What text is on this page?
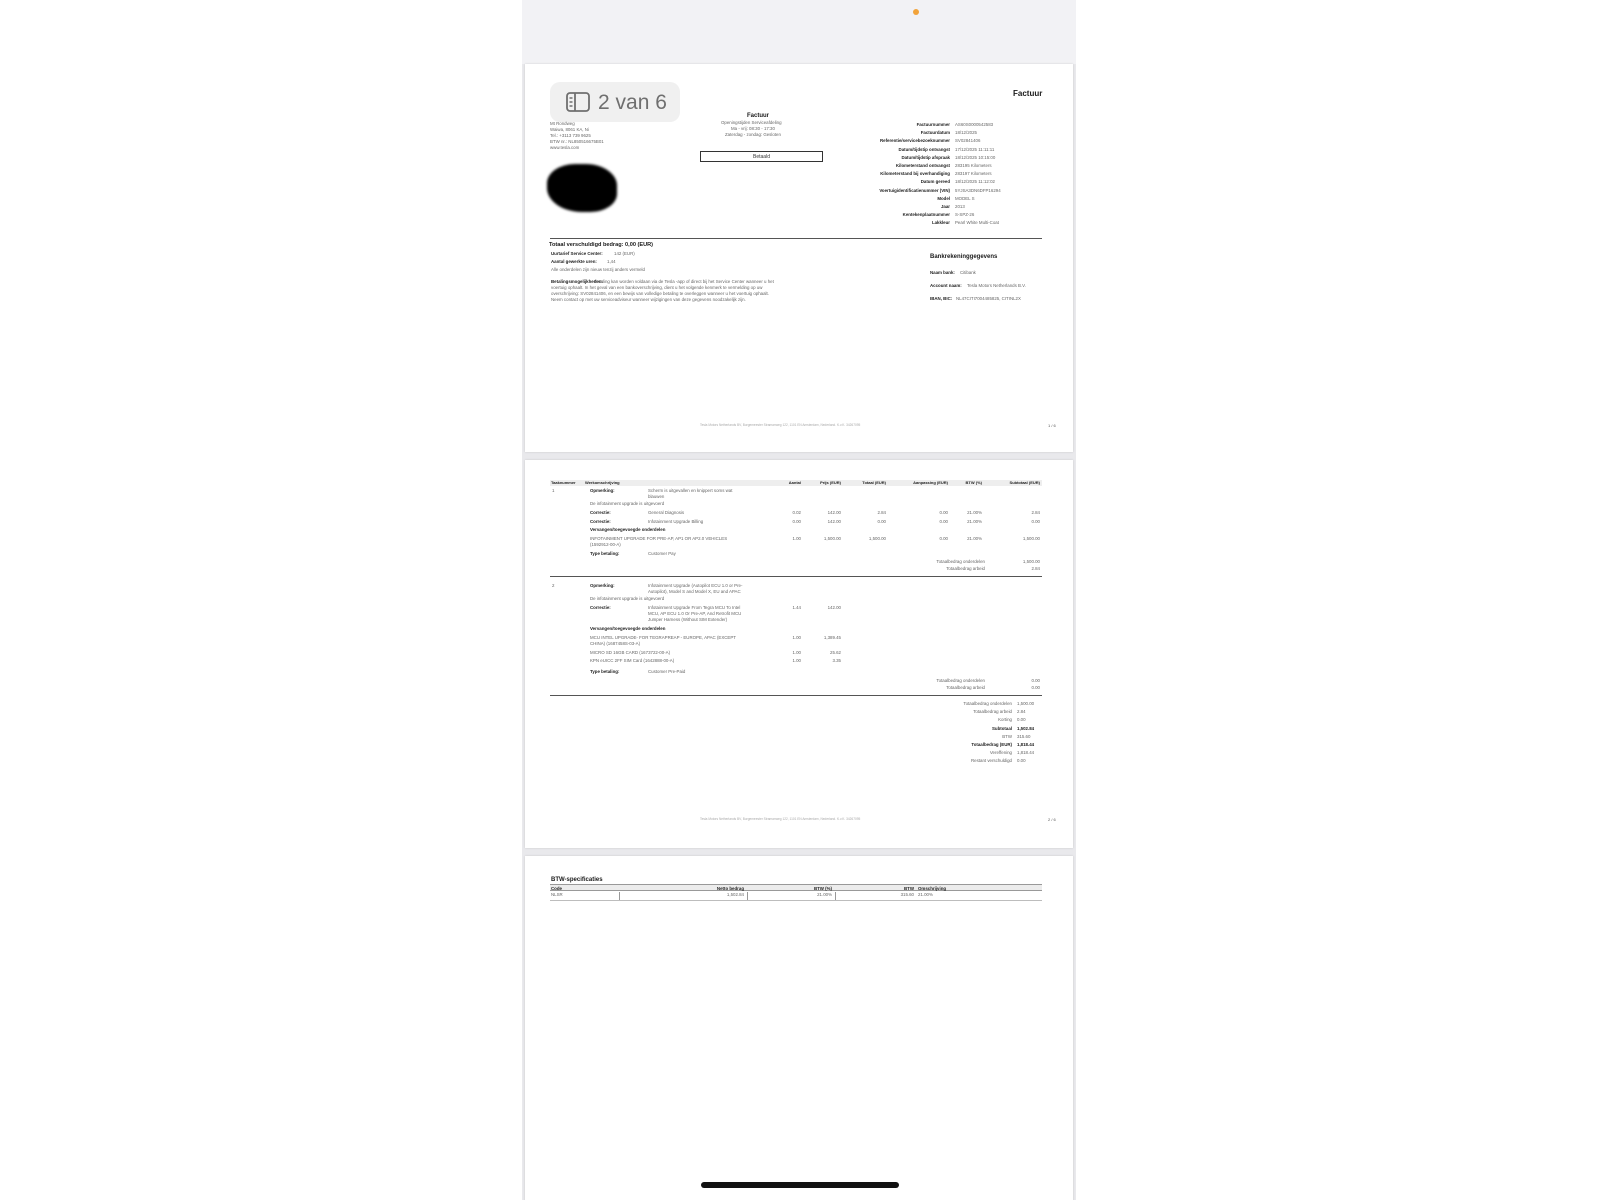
2 van 6	Factuur
Mt Rondweg
Waiwa, 8061 KA, Ni
Tel.: +3113 739 9625
BTW nr.: NL850516675B01
www.tesla.com
Factuur
Openingstijden Serviceafdeling
Ma - vrij: 08:30 - 17:30
Zaterdag - zondag: Gesloten
Betaald
Factuurnummer AS60S0000542583
Factuurdatum 18/12/2025
Referentie/servicebezoeknummer SV02841406
Datum/tijdstip ontvangst 17/12/2025 11:11:11
Datum/tijdstip afspraak 18/12/2025 10:15:00
Kilometerstand ontvangst 283195 Kilometers
Kilometerstand bij overhandiging 283197 Kilometers
Datum gereed 18/12/2025 11:12:02
Voertuigidentificatienummer (VIN) 5YJSA3DN6DFP16294
Model MODEL S
Jaar 2013
Kentekenplaatnummer S-SPZ-26
Lakkleur Pearl White Multi-Coat
Totaal verschuldigd bedrag: 0,00 (EUR)
Uurtarief Service Center:	142 (EUR)
Aantal gewerkte uren: 1,44
Alle onderdelen zijn nieuw tenzij anders vermeld
Betalingsmogelijkheden:
Betaling kan worden voldaan via de Tesla -app of direct bij het Service Center wanneer u het
voertuig ophaalt. In het geval van een bankoverschrijving, dient u het volgende kenmerk te vermelding op uw
overschrijving: SV02841406, en een bewijs van volledige betaling te overleggen wanneer u het voertuig ophaalt.
Neem contact op met uw serviceadviseur wanneer wijzigingen van deze gegevens noodzakelijk zijn.
Bankrekeninggegevens
Naam bank: Citibank
Account naam: Tesla Motors Netherlands B.V.
IBAN, BIC: NL47CITI7004485825, CITINL2X
Tesla Motors Netherlands BV, Burgemeester Stramanweg 122, 1101 EN Amsterdam, Nederland. K.v.K. 34267095	1 / 6
Taaknummer Werkomschrijving	Aantal	Prijs (EUR)	Totaal (EUR)	Aanpassing (EUR)	BTW (%)	Subtotaal (EUR)
1	Opmerking:	Scherm is uitgevallen en knippert soms wat
blauwen
De infotainment upgrade is uitgevoerd
Correctie:	General Diagnosis	0.02	142.00	2.84	0.00	21.00%	2.84
Correctie:	Infotainment Upgrade Billing	0.00	142.00	0.00	0.00	21.00%	0.00
Vervangen/toegevoegde onderdelen
INFOTAINMENT UPGRADE FOR PRE-AP, AP1 OR AP2.0 VEHICLES
(1592912-00-A)
1.00	1,500.00	1,500.00	0.00	21.00%	1,500.00
Type betaling:	Customer Pay
Totaalbedrag onderdelen	1,500.00
Totaalbedrag arbeid	2.84
2	Opmerking:	Infotainment Upgrade (Autopilot ECU 1.0 or Pre-
Autopilot), Model S and Model X, EU and APAC
De infotainment upgrade is uitgevoerd
Correctie:	Infotainment Upgrade From Tegra MCU To Intel
MCU, AP ECU 1.0 Or Pre-AP, And Retrofit MCU
Jumper Harness (Without SIM Extender)
1.44	142.00
Vervangen/toegevoegde onderdelen
MCU INTEL UPGRADE- FOR TEGRAPREAP - EUROPE, APAC (EXCEPT
CHINA) (1687458S-03-A)
1.00	1,389.45
MICRO SD 16GB CARD (1673722-00-A)	1.00	25.62
KPN eUICC 2FF SIM Card (1642888-00-A)	1.00	3.35
Type betaling:	Customer Pre-Paid
Totaalbedrag onderdelen	0.00
Totaalbedrag arbeid	0.00
Totaalbedrag onderdelen 1,500.00
Totaalbedrag arbeid 2.84
Korting 0.00
Subtotaal 1,502.84
BTW 315.60
Totaalbedrag (EUR) 1,818.44
Vereffening 1,818.44
Restant verschuldigd 0.00
Tesla Motors Netherlands BV, Burgemeester Stramanweg 122, 1101 EN Amsterdam, Nederland. K.v.K. 34267095	2 / 6
BTW-specificaties
Code	Netto bedrag	BTW (%)	BTW Omschrijving
NLSR	1,502.84	21.00%	315.60 21.00%
